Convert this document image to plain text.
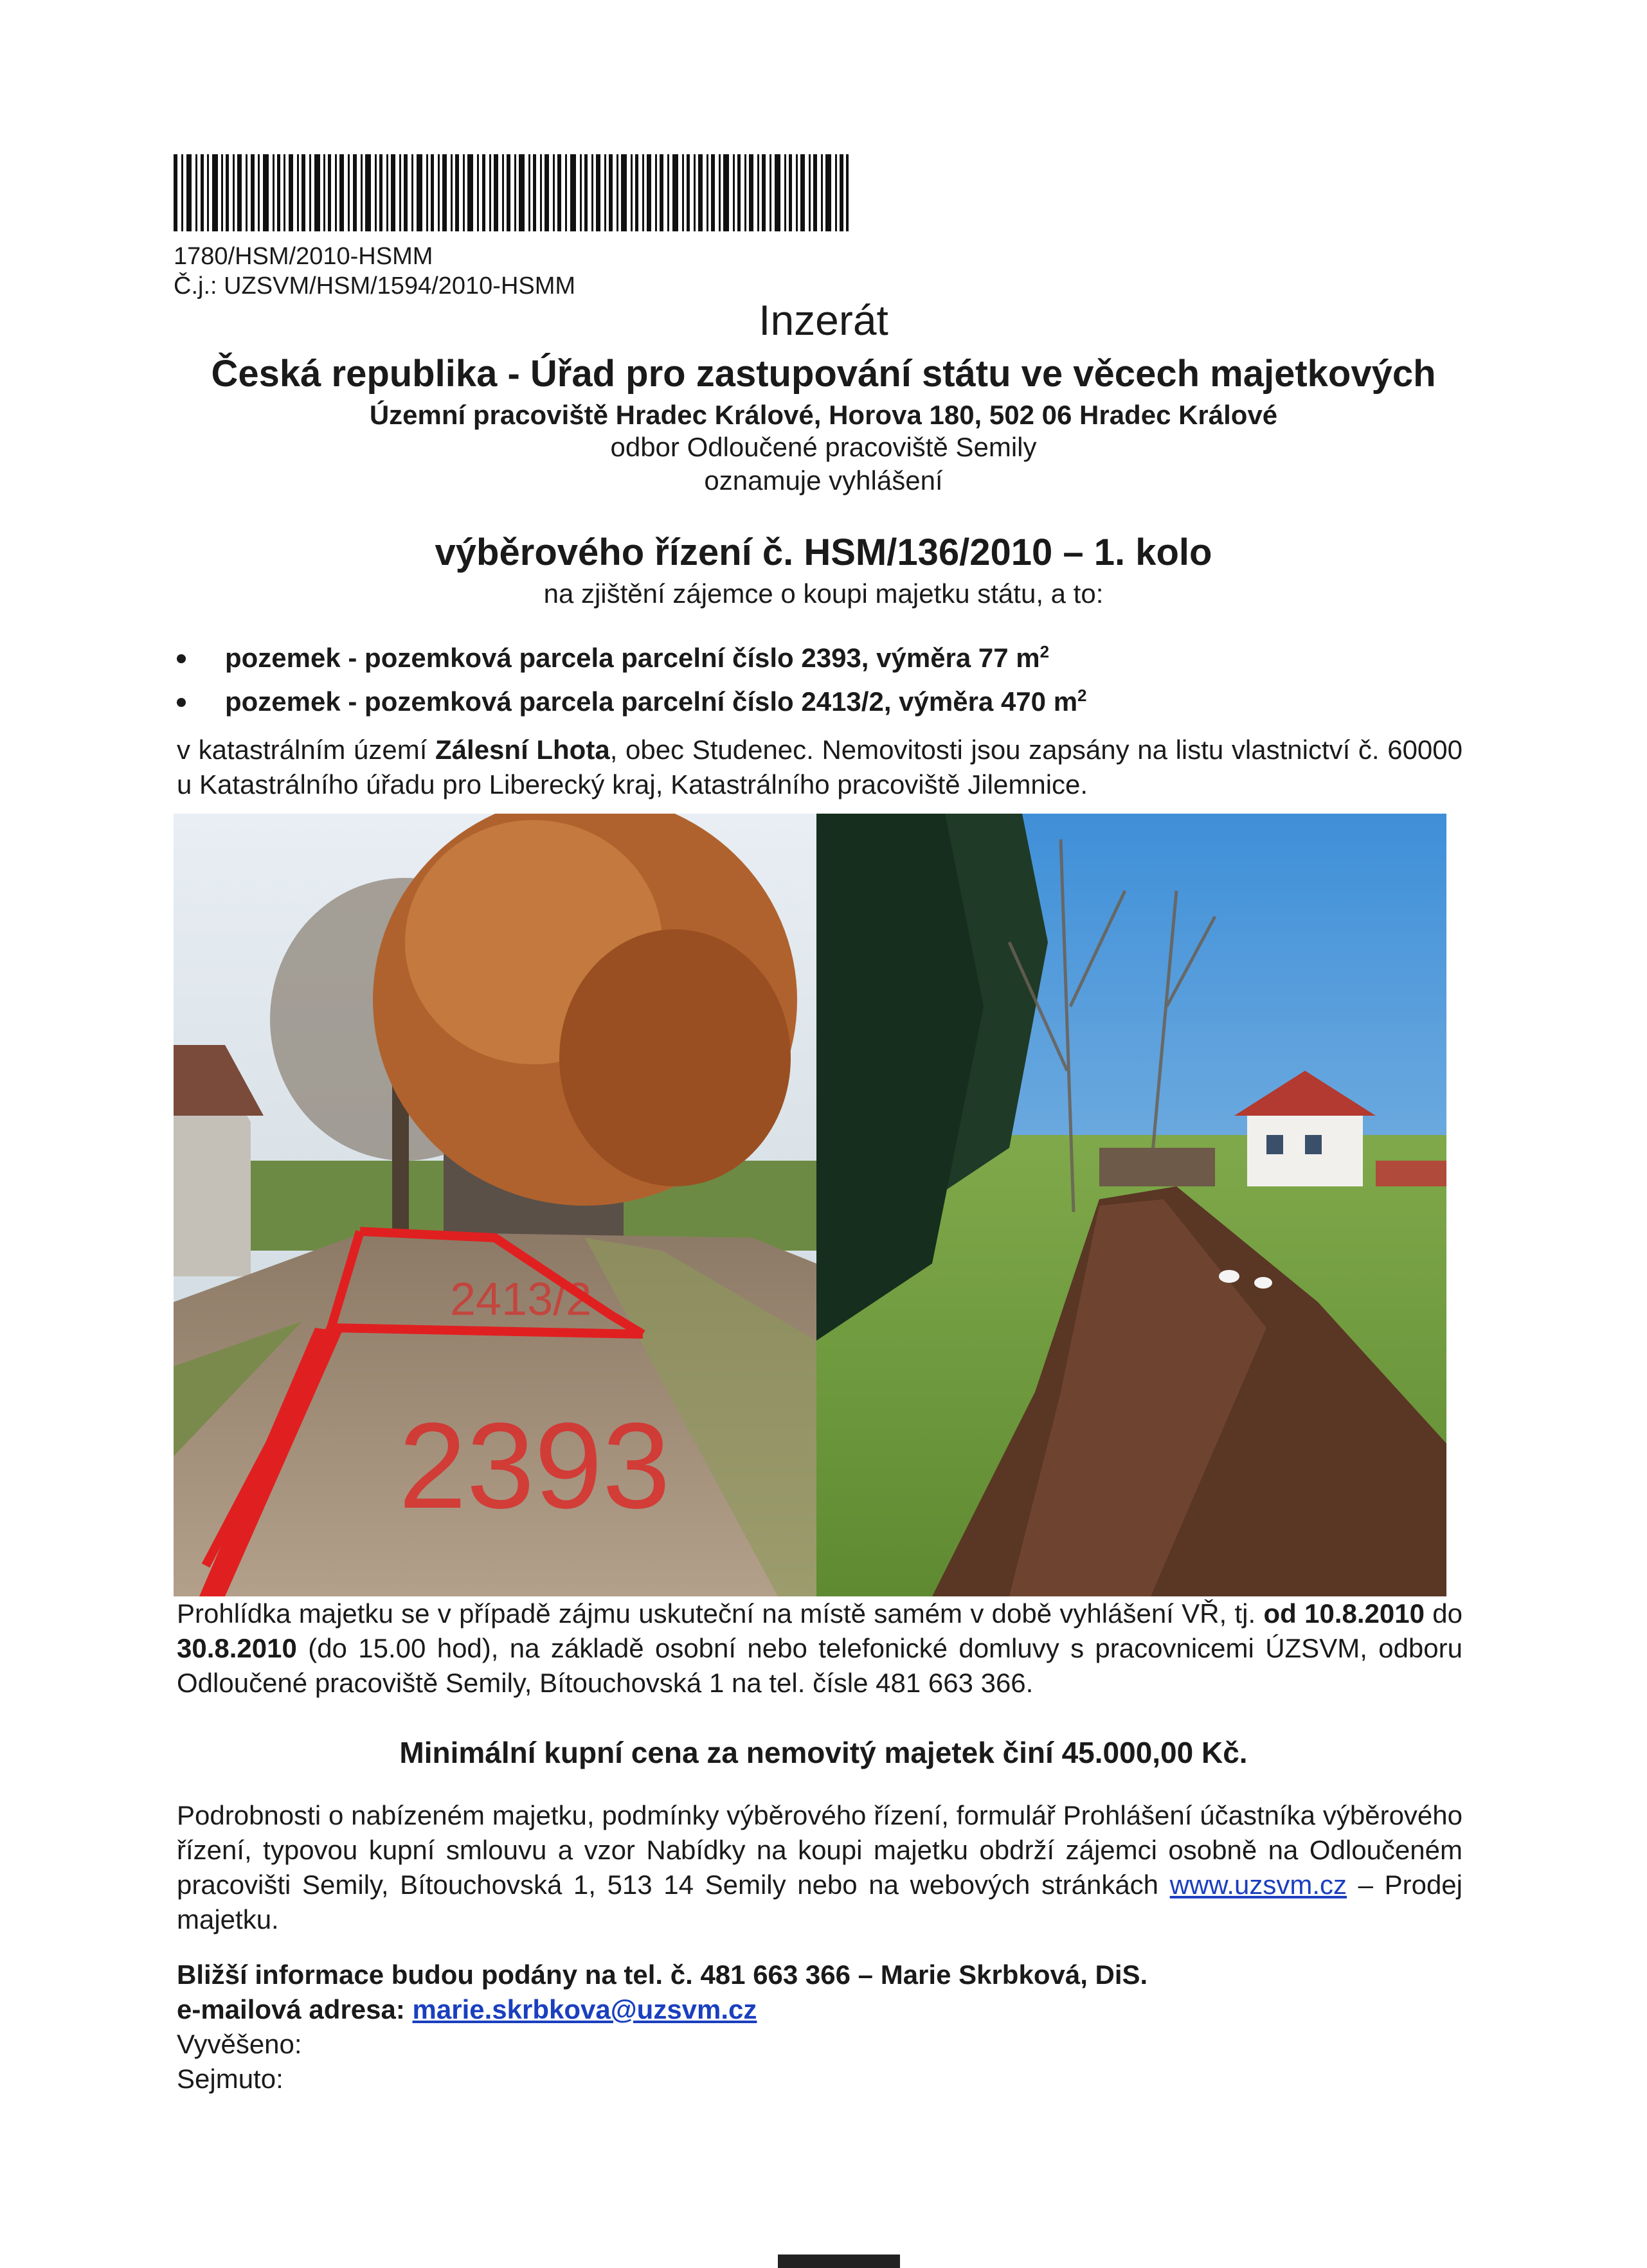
1780/HSM/2010-HSMM
Č.j.: UZSVM/HSM/1594/2010-HSMM
Inzerát
Česká republika - Úřad pro zastupování státu ve věcech majetkových
Územní pracoviště Hradec Králové, Horova 180, 502 06 Hradec Králové
odbor Odloučené pracoviště Semily
oznamuje vyhlášení
výběrového řízení č. HSM/136/2010 – 1. kolo
na zjištění zájemce o koupi majetku státu, a to:
pozemek - pozemková parcela parcelní číslo 2393, výměra 77 $m^2$
pozemek - pozemková parcela parcelní číslo 2413/2, výměra 470 $m^2$
v katastrálním území Zálesní Lhota, obec Studenec. Nemovitosti jsou zapsány na listu vlastnictví č. 60000 u Katastrálního úřadu pro Liberecký kraj, Katastrálního pracoviště Jilemnice.
2413/2
2393
Prohlídka majetku se v případě zájmu uskuteční na místě samém v době vyhlášení VŘ, tj. od 10.8.2010 do 30.8.2010 (do 15.00 hod), na základě osobní nebo telefonické domluvy s pracovnicemi ÚZSVM, odboru Odloučené pracoviště Semily, Bítouchovská 1 na tel. čísle 481 663 366.
Minimální kupní cena za nemovitý majetek činí 45.000,00 Kč.
Podrobnosti o nabízeném majetku, podmínky výběrového řízení, formulář Prohlášení účastníka výběrového řízení, typovou kupní smlouvu a vzor Nabídky na koupi majetku obdrží zájemci osobně na Odloučeném pracovišti Semily, Bítouchovská 1, 513 14 Semily nebo na webových stránkách www.uzsvm.cz – Prodej majetku.
Bližší informace budou podány na tel. č. 481 663 366 – Marie Skrbková, DiS.
e-mailová adresa: marie.skrbkova@uzsvm.cz
Vyvěšeno:
Sejmuto:
